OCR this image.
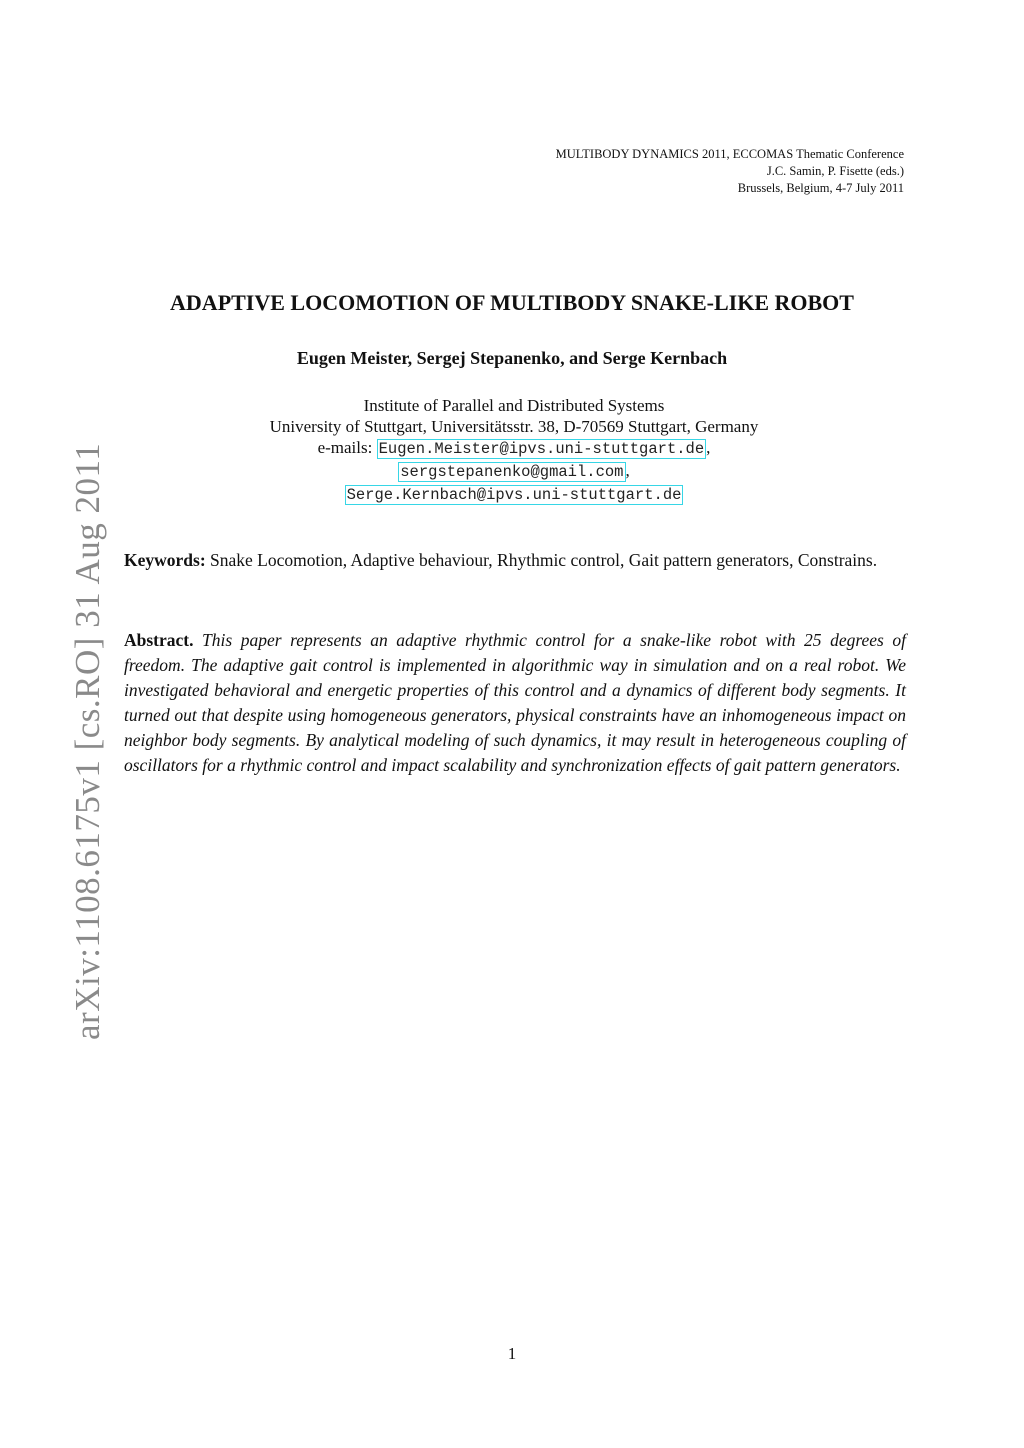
MULTIBODY DYNAMICS 2011, ECCOMAS Thematic Conference
J.C. Samin, P. Fisette (eds.)
Brussels, Belgium, 4-7 July 2011
arXiv:1108.6175v1 [cs.RO] 31 Aug 2011
ADAPTIVE LOCOMOTION OF MULTIBODY SNAKE-LIKE ROBOT
Eugen Meister, Sergej Stepanenko, and Serge Kernbach
Institute of Parallel and Distributed Systems
University of Stuttgart, Universitätsstr. 38, D-70569 Stuttgart, Germany
e-mails: Eugen.Meister@ipvs.uni-stuttgart.de ,
sergstepanenko@gmail.com ,
Serge.Kernbach@ipvs.uni-stuttgart.de
Keywords: Snake Locomotion, Adaptive behaviour, Rhythmic control, Gait pattern generators, Constrains.
Abstract. This paper represents an adaptive rhythmic control for a snake-like robot with 25 degrees of freedom. The adaptive gait control is implemented in algorithmic way in simulation and on a real robot. We investigated behavioral and energetic properties of this control and a dynamics of different body segments. It turned out that despite using homogeneous generators, physical constraints have an inhomogeneous impact on neighbor body segments. By analytical modeling of such dynamics, it may result in heterogeneous coupling of oscillators for a rhythmic control and impact scalability and synchronization effects of gait pattern generators.
1
